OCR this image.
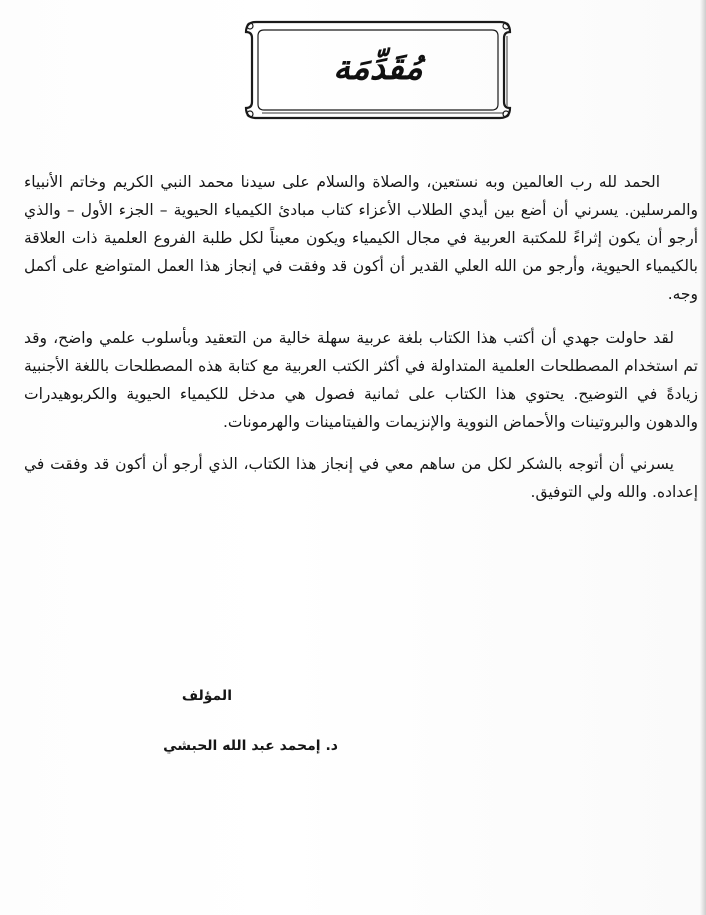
مُقَدِّمَة

الحمد لله رب العالمين وبه نستعين، والصلاة والسلام على سيدنا محمد النبي الكريم وخاتم الأنبياء والمرسلين. يسرني أن أضع بين أيدي الطلاب الأعزاء كتاب مبادئ الكيمياء الحيوية – الجزء الأول – والذي أرجو أن يكون إثراءً للمكتبة العربية في مجال الكيمياء ويكون معيناً لكل طلبة الفروع العلمية ذات العلاقة بالكيمياء الحيوية، وأرجو من الله العلي القدير أن أكون قد وفقت في إنجاز هذا العمل المتواضع على أكمل وجه.

لقد حاولت جهدي أن أكتب هذا الكتاب بلغة عربية سهلة خالية من التعقيد وبأسلوب علمي واضح، وقد تم استخدام المصطلحات العلمية المتداولة في أكثر الكتب العربية مع كتابة هذه المصطلحات باللغة الأجنبية زيادةً في التوضيح. يحتوي هذا الكتاب على ثمانية فصول هي مدخل للكيمياء الحيوية والكربوهيدرات والدهون والبروتينات والأحماض النووية والإنزيمات والفيتامينات والهرمونات.

يسرني أن أتوجه بالشكر لكل من ساهم معي في إنجاز هذا الكتاب، الذي أرجو أن أكون قد وفقت في إعداده. والله ولي التوفيق.

المؤلف
د. إمحمد عبد الله الحبشي
